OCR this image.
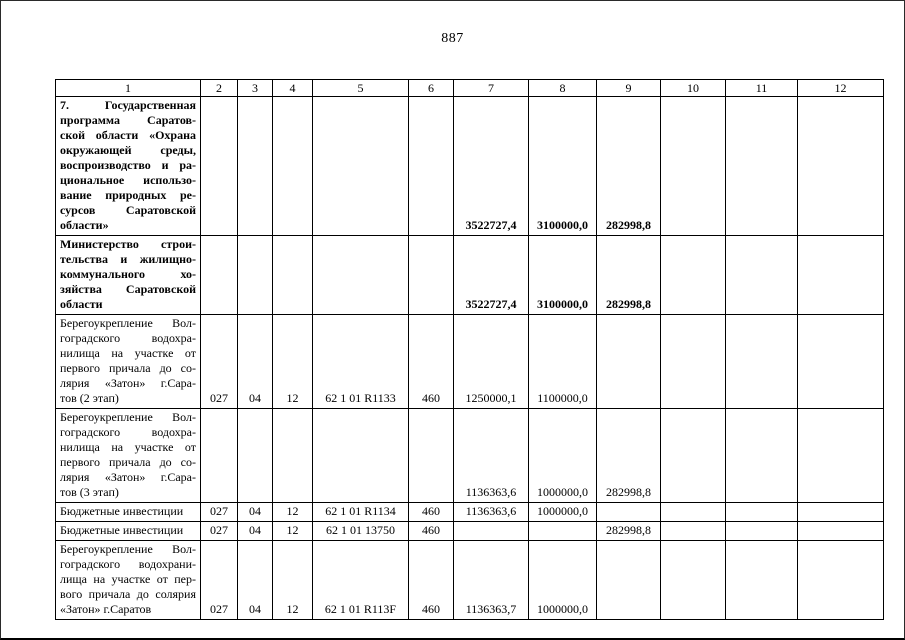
887
1	2	3	4	5	6	7	8	9	10	11	12

7. Государственная
программа Саратов-
ской области «Охрана
окружающей среды,
воспроизводство и ра-
циональное использо-
вание природных ре-
сурсов Саратовской
области»						3522727,4	3100000,0	282998,8			

Министерство строи-
тельства и жилищно-
коммунального хо-
зяйства Саратовской
области						3522727,4	3100000,0	282998,8			

Берегоукрепление Вол-
гоградского водохра-
нилища на участке от
первого причала до со-
лярия «Затон» г.Сара-
тов (2 этап)	027	04	12	62 1 01 R1133	460	1250000,1	1100000,0				

Берегоукрепление Вол-
гоградского водохра-
нилища на участке от
первого причала до со-
лярия «Затон» г.Сара-
тов (3 этап)						1136363,6	1000000,0	282998,8			

Бюджетные инвестиции	027	04	12	62 1 01 R1134	460	1136363,6	1000000,0				

Бюджетные инвестиции	027	04	12	62 1 01 13750	460			282998,8			

Берегоукрепление Вол-
гоградского водохрани-
лища на участке от пер-
вого причала до солярия
«Затон» г.Саратов	027	04	12	62 1 01 R113F	460	1136363,7	1000000,0				
